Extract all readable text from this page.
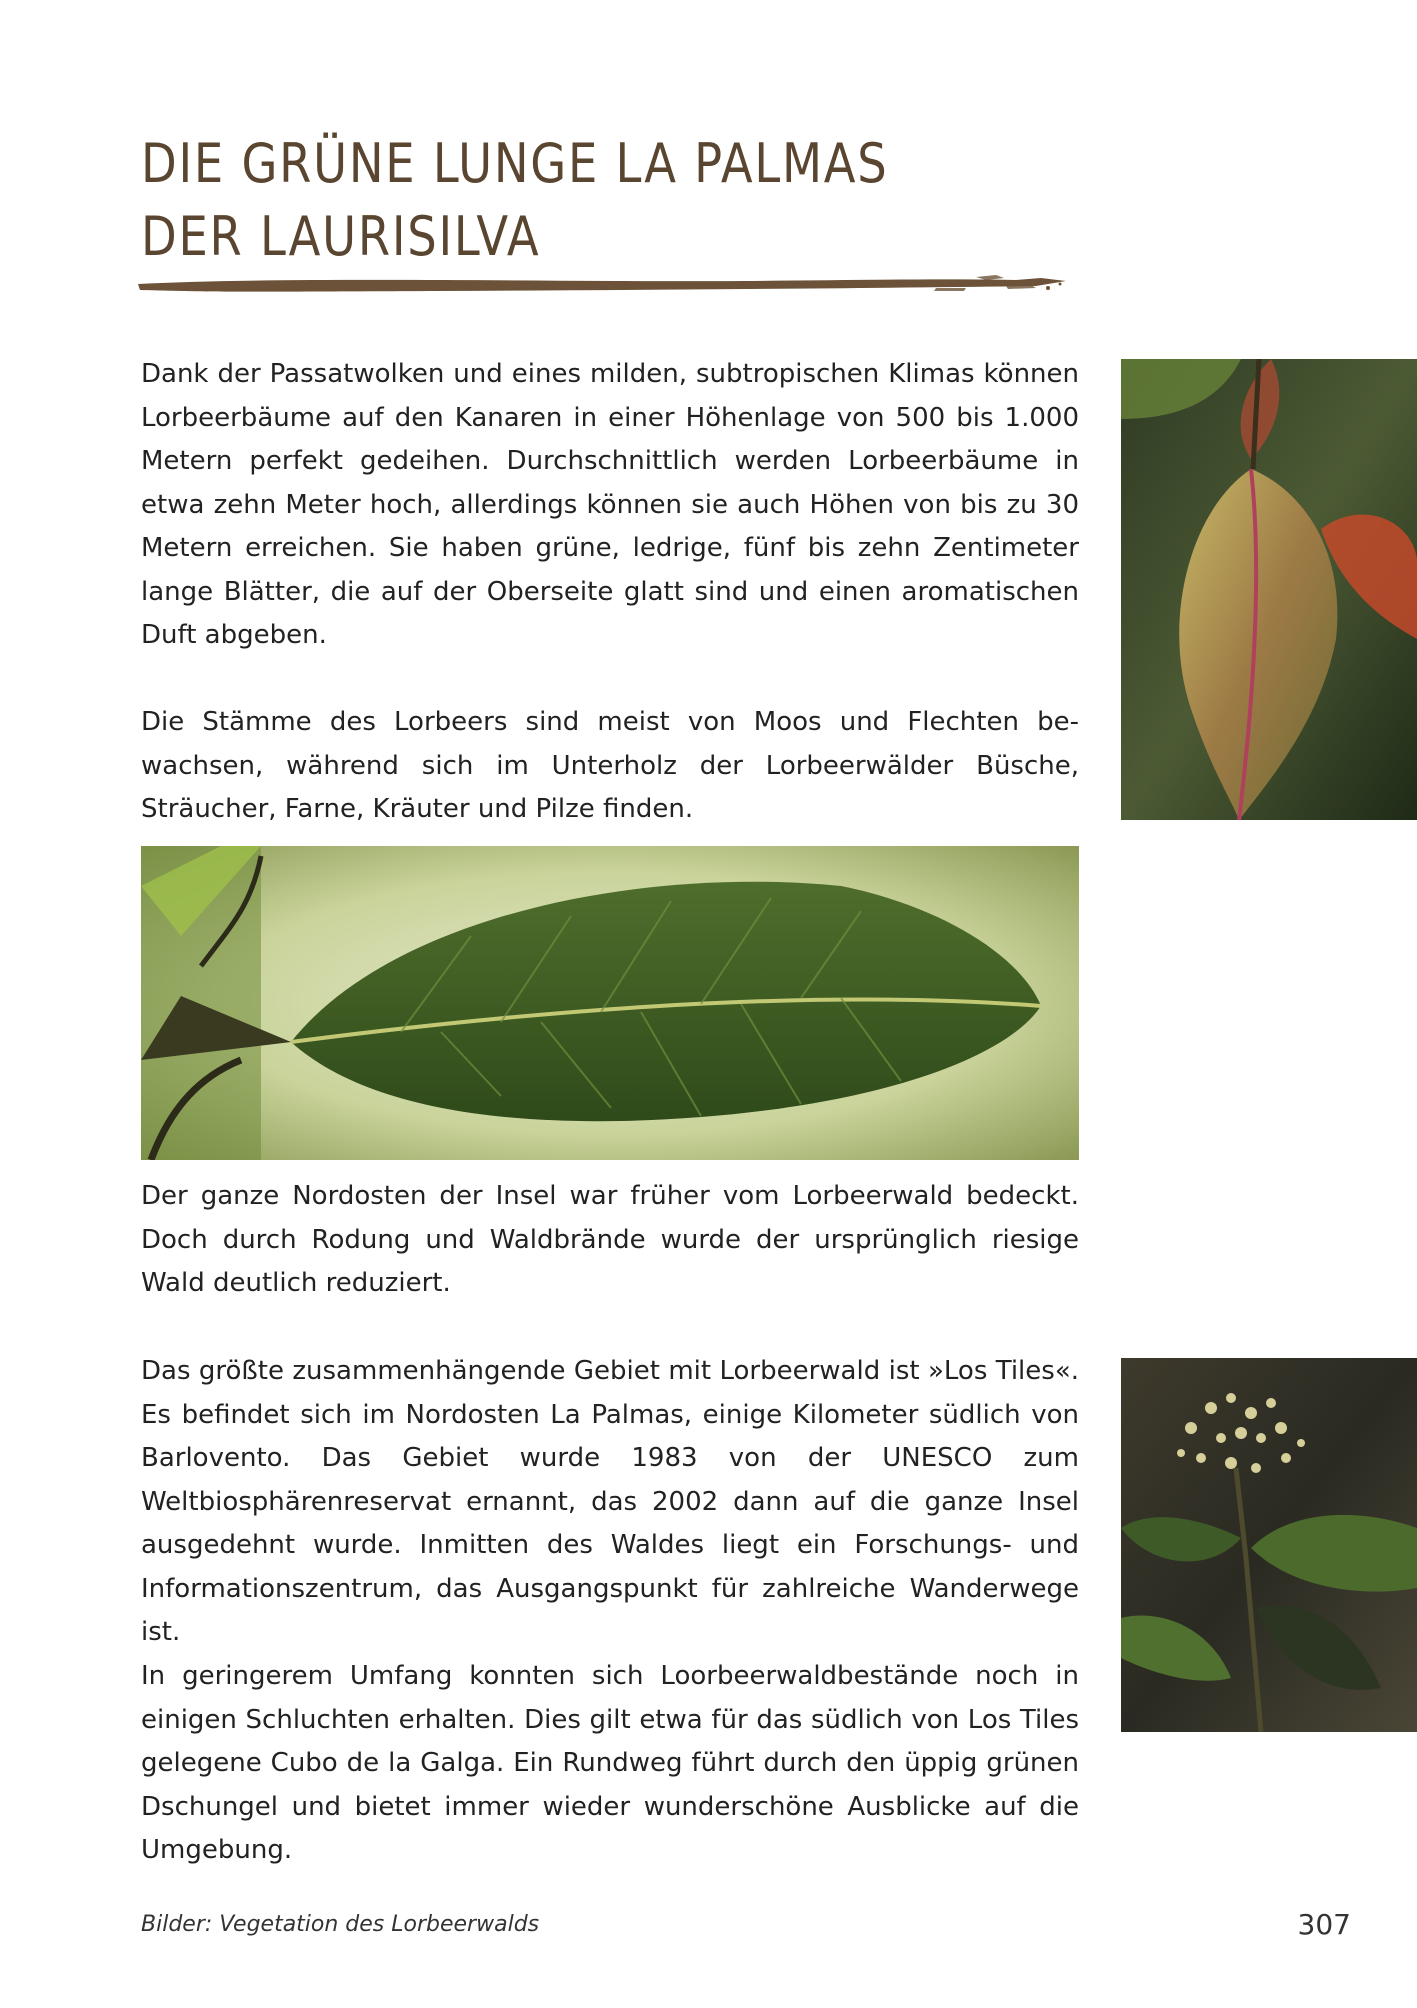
DIE GRÜNE LUNGE LA PALMAS
DER LAURISILVA

Dank der Passatwolken und eines milden, subtropischen Klimas können Lorbeerbäume auf den Kanaren in einer Höhenlage von 500 bis 1.000 Metern perfekt gedeihen. Durchschnittlich werden Lorbeerbäume in etwa zehn Meter hoch, allerdings können sie auch Höhen von bis zu 30 Metern erreichen. Sie haben grüne, ledrige, fünf bis zehn Zentimeter lange Blätter, die auf der Oberseite glatt sind und einen aromatischen Duft abgeben.

Die Stämme des Lorbeers sind meist von Moos und Flechten bewachsen, während sich im Unterholz der Lorbeerwälder Büsche, Sträucher, Farne, Kräuter und Pilze finden.

Der ganze Nordosten der Insel war früher vom Lorbeerwald bedeckt. Doch durch Rodung und Waldbrände wurde der ursprünglich riesige Wald deutlich reduziert.

Das größte zusammenhängende Gebiet mit Lorbeerwald ist »Los Tiles«. Es befindet sich im Nordosten La Palmas, einige Kilometer südlich von Barlovento. Das Gebiet wurde 1983 von der UNESCO zum Weltbiosphärenreservat ernannt, das 2002 dann auf die ganze Insel ausgedehnt wurde. Inmitten des Waldes liegt ein Forschungs- und Informationszentrum, das Ausgangspunkt für zahlreiche Wanderwege ist.

In geringerem Umfang konnten sich Loorbeerwaldbestände noch in einigen Schluchten erhalten. Dies gilt etwa für das südlich von Los Tiles gelegene Cubo de la Galga. Ein Rundweg führt durch den üppig grünen Dschungel und bietet immer wieder wunderschöne Ausblicke auf die Umgebung.

Bilder: Vegetation des Lorbeerwalds	307
